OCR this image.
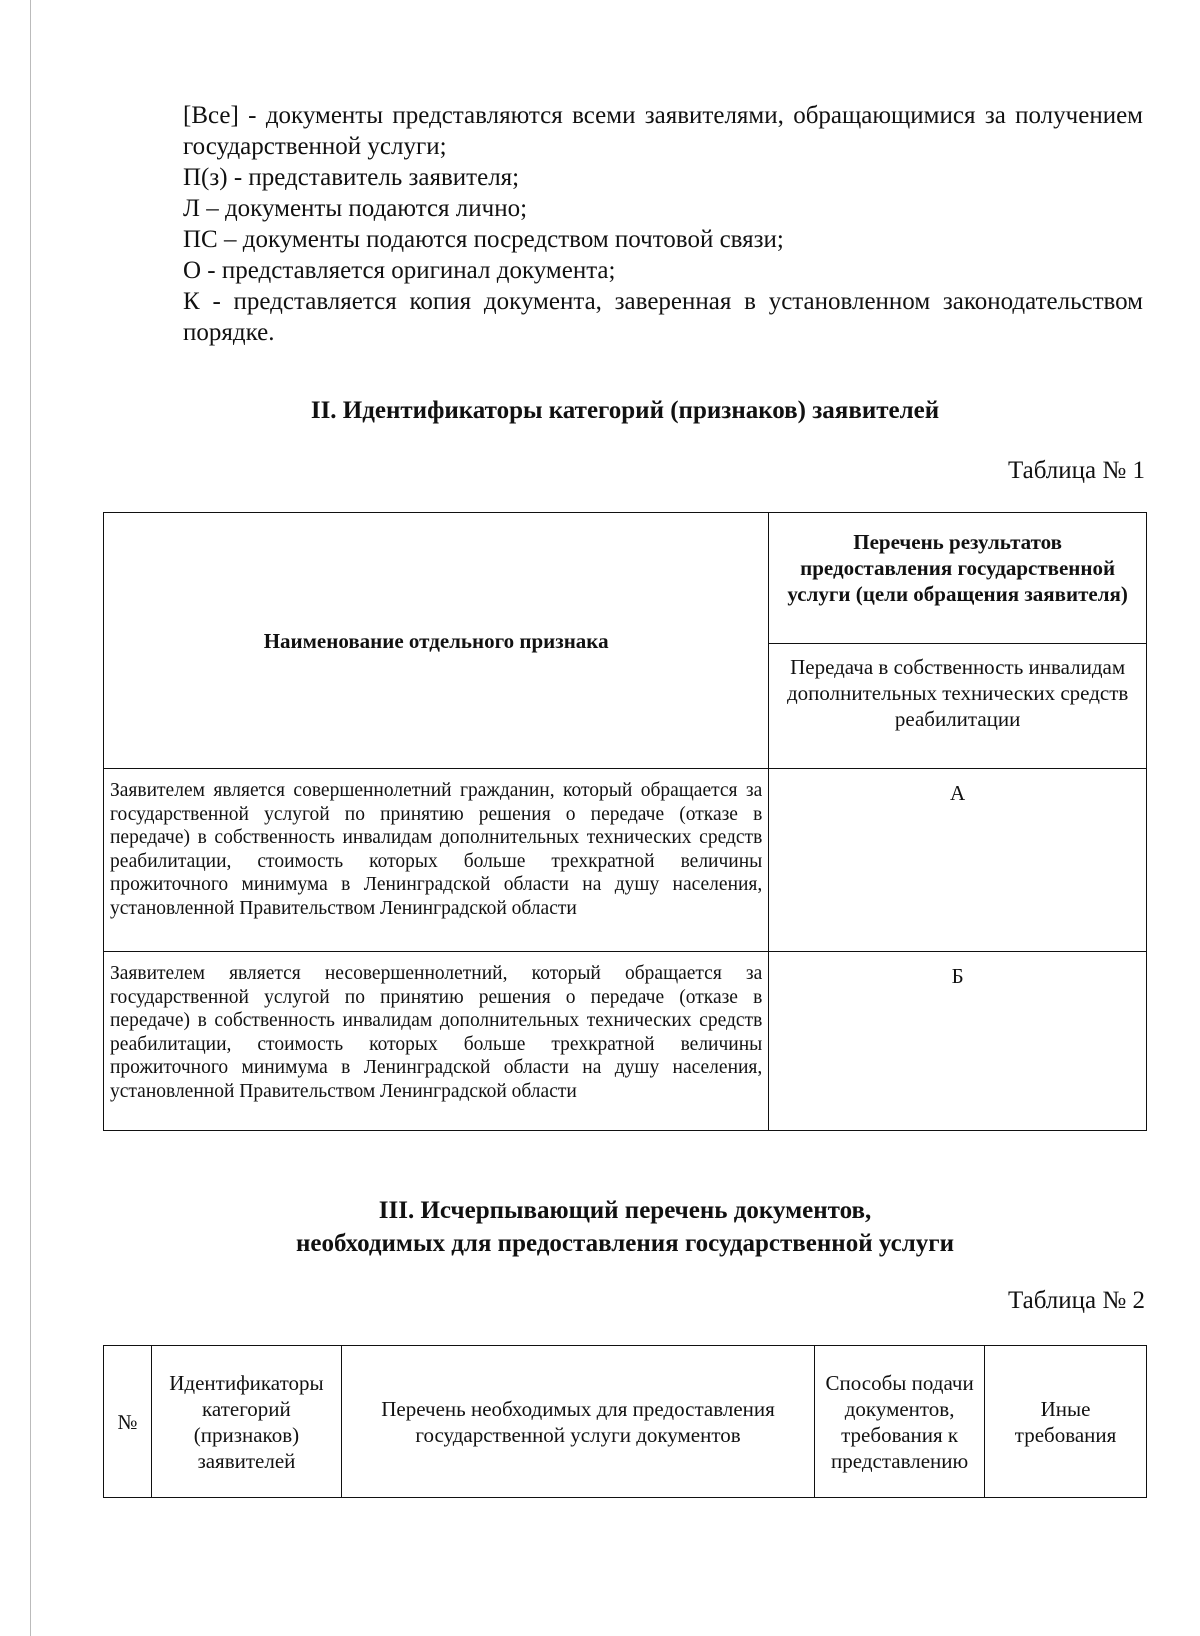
[Все] - документы представляются всеми заявителями, обращающимися за получением государственной услуги;

П(з) - представитель заявителя;

Л – документы подаются лично;

ПС – документы подаются посредством почтовой связи;

О - представляется оригинал документа;

К - представляется копия документа, заверенная в установленном законодательством порядке.

II. Идентификаторы категорий (признаков) заявителей
Таблица № 1
Наименование отдельного признака	Перечень результатов предоставления государственной услуги (цели обращения заявителя)
	Передача в собственность инвалидам дополнительных технических средств реабилитации
Заявителем является совершеннолетний гражданин, который обращается за государственной услугой по принятию решения о передаче (отказе в передаче) в собственность инвалидам дополнительных технических средств реабилитации, стоимость которых больше трехкратной величины прожиточного минимума в Ленинградской области на душу населения, установленной Правительством Ленинградской области	А
Заявителем является несовершеннолетний, который обращается за государственной услугой по принятию решения о передаче (отказе в передаче) в собственность инвалидам дополнительных технических средств реабилитации, стоимость которых больше трехкратной величины прожиточного минимума в Ленинградской области на душу населения, установленной Правительством Ленинградской области	Б
III. Исчерпывающий перечень документов,
необходимых для предоставления государственной услуги
Таблица № 2
№	Идентификаторы категорий (признаков) заявителей	Перечень необходимых для предоставления государственной услуги документов	Способы подачи документов, требования к представлению	Иные требования
